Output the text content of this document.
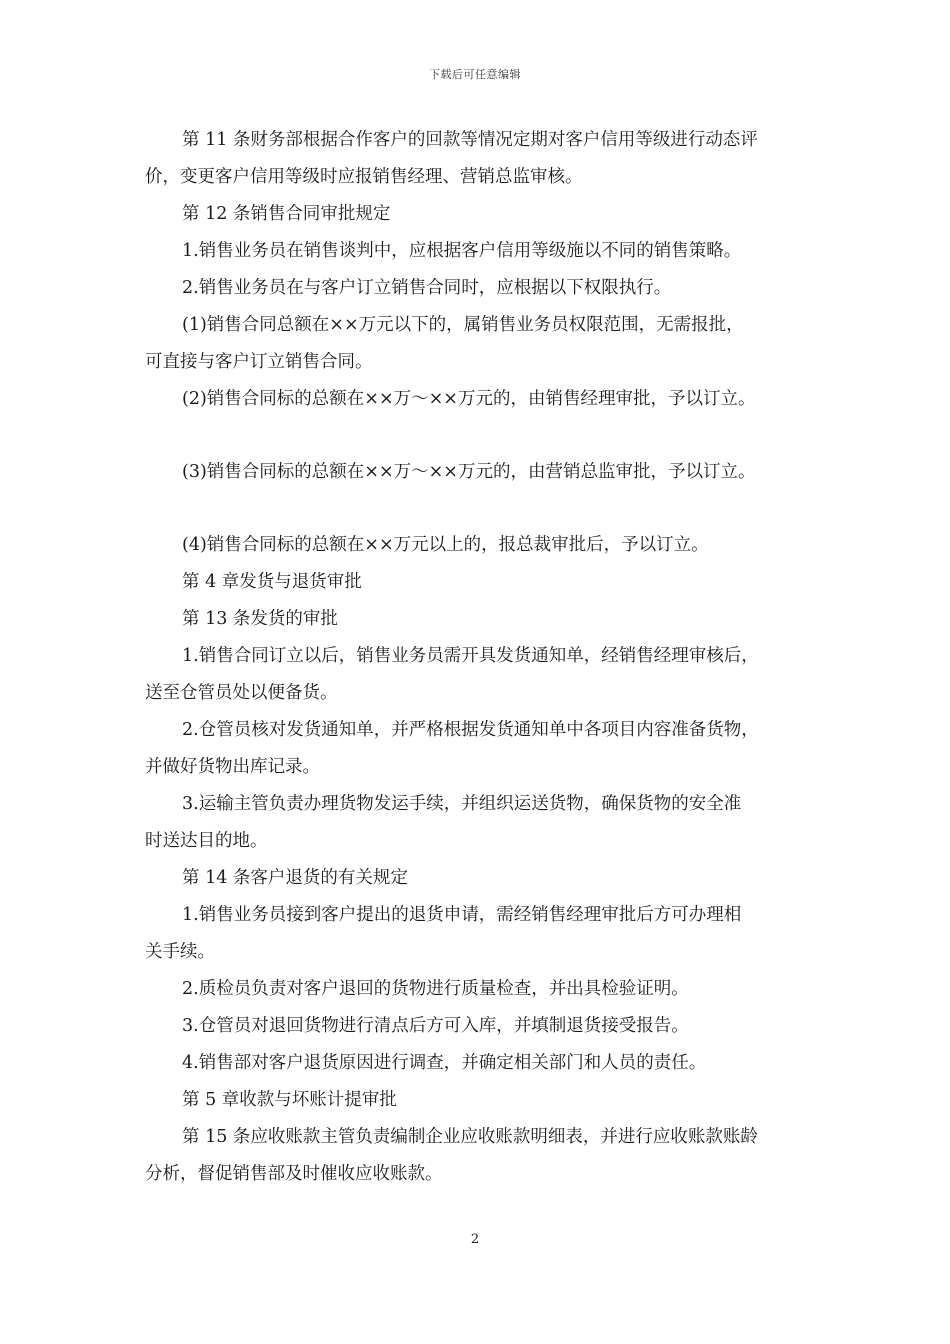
下载后可任意编辑
第 11 条财务部根据合作客户的回款等情况定期对客户信用等级进行动态评
价，变更客户信用等级时应报销售经理、营销总监审核。
第 12 条销售合同审批规定
1.销售业务员在销售谈判中，应根据客户信用等级施以不同的销售策略。
2.销售业务员在与客户订立销售合同时，应根据以下权限执行。
(1)销售合同总额在××万元以下的，属销售业务员权限范围，无需报批，
可直接与客户订立销售合同。
(2)销售合同标的总额在××万～××万元的，由销售经理审批，予以订立。
(3)销售合同标的总额在××万～××万元的，由营销总监审批，予以订立。
(4)销售合同标的总额在××万元以上的，报总裁审批后，予以订立。
第 4 章发货与退货审批
第 13 条发货的审批
1.销售合同订立以后，销售业务员需开具发货通知单，经销售经理审核后，
送至仓管员处以便备货。
2.仓管员核对发货通知单，并严格根据发货通知单中各项目内容准备货物，
并做好货物出库记录。
3.运输主管负责办理货物发运手续，并组织运送货物，确保货物的安全准
时送达目的地。
第 14 条客户退货的有关规定
1.销售业务员接到客户提出的退货申请，需经销售经理审批后方可办理相
关手续。
2.质检员负责对客户退回的货物进行质量检查，并出具检验证明。
3.仓管员对退回货物进行清点后方可入库，并填制退货接受报告。
4.销售部对客户退货原因进行调查，并确定相关部门和人员的责任。
第 5 章收款与坏账计提审批
第 15 条应收账款主管负责编制企业应收账款明细表，并进行应收账款账龄
分析，督促销售部及时催收应收账款。
2
